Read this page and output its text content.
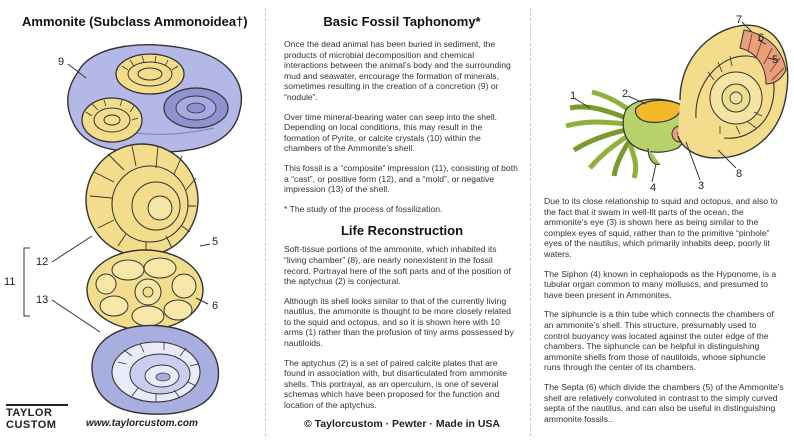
Ammonite (Subclass Ammonoidea†)
9
12
11
13
5
6
TAYLOR
CUSTOM	www.taylorcustom.com
Basic Fossil Taphonomy*
Once the dead animal has been buried in sediment, the products of microbial decomposition and chemical interactions between the animal’s body and the surrounding mud and seawater, encourage the formation of minerals, sometimes resulting in the creation of a concretion (9) or “nodule”.
Over time mineral-bearing water can seep into the shell. Depending on local conditions, this may result in the formation of Pyrite, or calcite crystals (10) within the chambers of the Ammonite’s shell.
This fossil is a “composite” impression (11), consisting of both a “cast”, or positive form (12), and a “mold”, or negative impression (13) of the shell.
* The study of the process of fossilization.
Life Reconstruction
Soft-tissue portions of the ammonite, which inhabited its “living chamber” (8), are nearly nonexistent in the fossil record. Portrayal here of the soft parts and of the position of the aptychus (2) is conjectural.
Although its shell looks similar to that of the currently living nautilus, the ammonite is thought to be more closely related to the squid and octopus, and so it is shown here with 10 arms (1) rather than the profusion of tiny arms possessed by nautiloids.
The aptychus (2) is a set of paired calcite plates that are found in association with, but disarticulated from ammonite shells. This portrayal, as an operculum, is one of several schemas which have been proposed for the function and location of the aptychus.
© Taylorcustom · Pewter · Made in USA
7
6
5
1	2
4	3
8
Due to its close relationship to squid and octopus, and also to the fact that it swam in well-lit parts of the ocean, the ammonite’s eye (3) is shown here as being similar to the complex eyes of squid, rather than to the primitive “pinhole” eyes of the nautilus, which primarily inhabits deep, poorly lit waters.
The Siphon (4) known in cephalopods as the Hyponome, is a tubular organ common to many molluscs, and presumed to have been present in Ammonites.
The siphuncle is a thin tube which connects the chambers of an ammonite’s shell. This structure, presumably used to control buoyancy was located against the outer edge of the chambers. The siphuncle can be helpful in distinguishing ammonite shells from those of nautiloids, whose siphuncle runs through the center of its chambers.
The Septa (6) which divide the chambers (5) of the Ammonite’s shell are relatively convoluted in contrast to the simply curved septa of the nautilus, and can also be useful in distinguishing ammonite fossils..
